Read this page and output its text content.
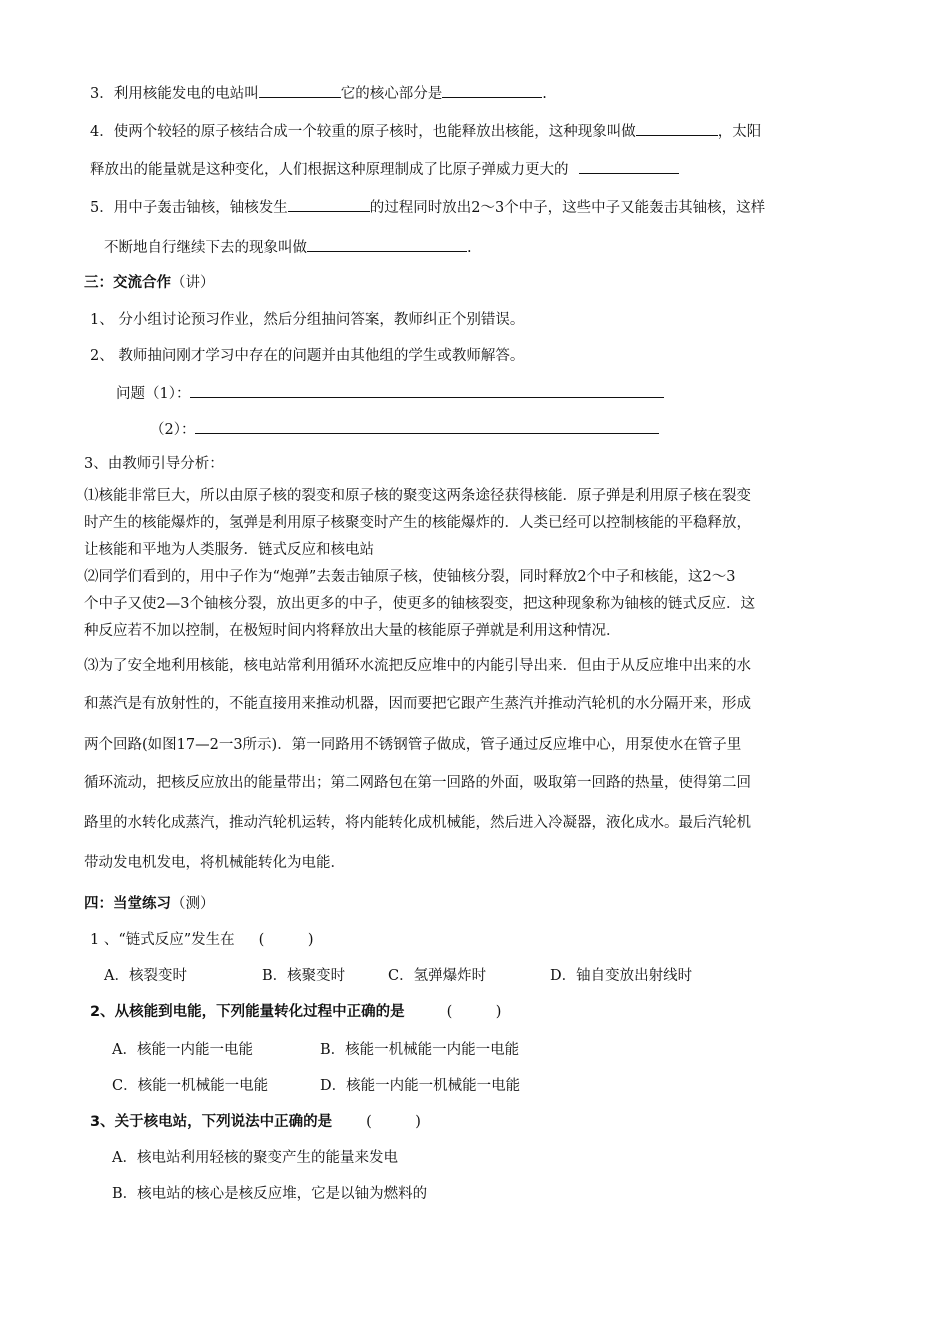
3．利用核能发电的电站叫	它的核心部分是	.
4．使两个较轻的原子核结合成一个较重的原子核时，也能释放出核能，这种现象叫做	，太阳
释放出的能量就是这种变化，人们根据这种原理制成了比原子弹威力更大的
5．用中子轰击铀核，铀核发生	的过程同时放出2～3个中子，这些中子又能轰击其铀核，这样
不断地自行继续下去的现象叫做	.
三：交流合作（讲）
1、 分小组讨论预习作业，然后分组抽问答案，教师纠正个别错误。
2、 教师抽问刚才学习中存在的问题并由其他组的学生或教师解答。
问题（1）：
（2）：
3、由教师引导分析：
⑴核能非常巨大，所以由原子核的裂变和原子核的聚变这两条途径获得核能．原子弹是利用原子核在裂变
时产生的核能爆炸的，氢弹是利用原子核聚变时产生的核能爆炸的．人类已经可以控制核能的平稳释放，
让核能和平地为人类服务．链式反应和核电站
⑵同学们看到的，用中子作为“炮弹”去轰击铀原子核，使铀核分裂，同时释放2个中子和核能，这2～3
个中子又使2—3个铀核分裂，放出更多的中子，使更多的铀核裂变，把这种现象称为铀核的链式反应．这
种反应若不加以控制，在极短时间内将释放出大量的核能原子弹就是利用这种情况．
⑶为了安全地利用核能，核电站常利用循环水流把反应堆中的内能引导出来．但由于从反应堆中出来的水
和蒸汽是有放射性的，不能直接用来推动机器，因而要把它跟产生蒸汽并推动汽轮机的水分隔开来，形成
两个回路(如图17—2一3所示)．第一同路用不锈钢管子做成，管子通过反应堆中心，用泵使水在管子里
循环流动，把核反应放出的能量带出；第二网路包在第一回路的外面，吸取第一回路的热量，使得第二回
路里的水转化成蒸汽，推动汽轮机运转，将内能转化成机械能，然后进入冷凝器，液化成水。最后汽轮机
带动发电机发电，将机械能转化为电能．
四：当堂练习（测）
1 、“链式反应”发生在 (　　　)
A．核裂变时	B．核聚变时	C．氢弹爆炸时	D．铀自变放出射线时
2、从核能到电能，下列能量转化过程中正确的是	(　　　)
A．核能一内能一电能	B．核能一机械能一内能一电能
C．核能一机械能一电能	D．核能一内能一机械能一电能
3、关于核电站，下列说法中正确的是 (　　　)
A．核电站利用轻核的聚变产生的能量来发电
B．核电站的核心是核反应堆，它是以铀为燃料的
